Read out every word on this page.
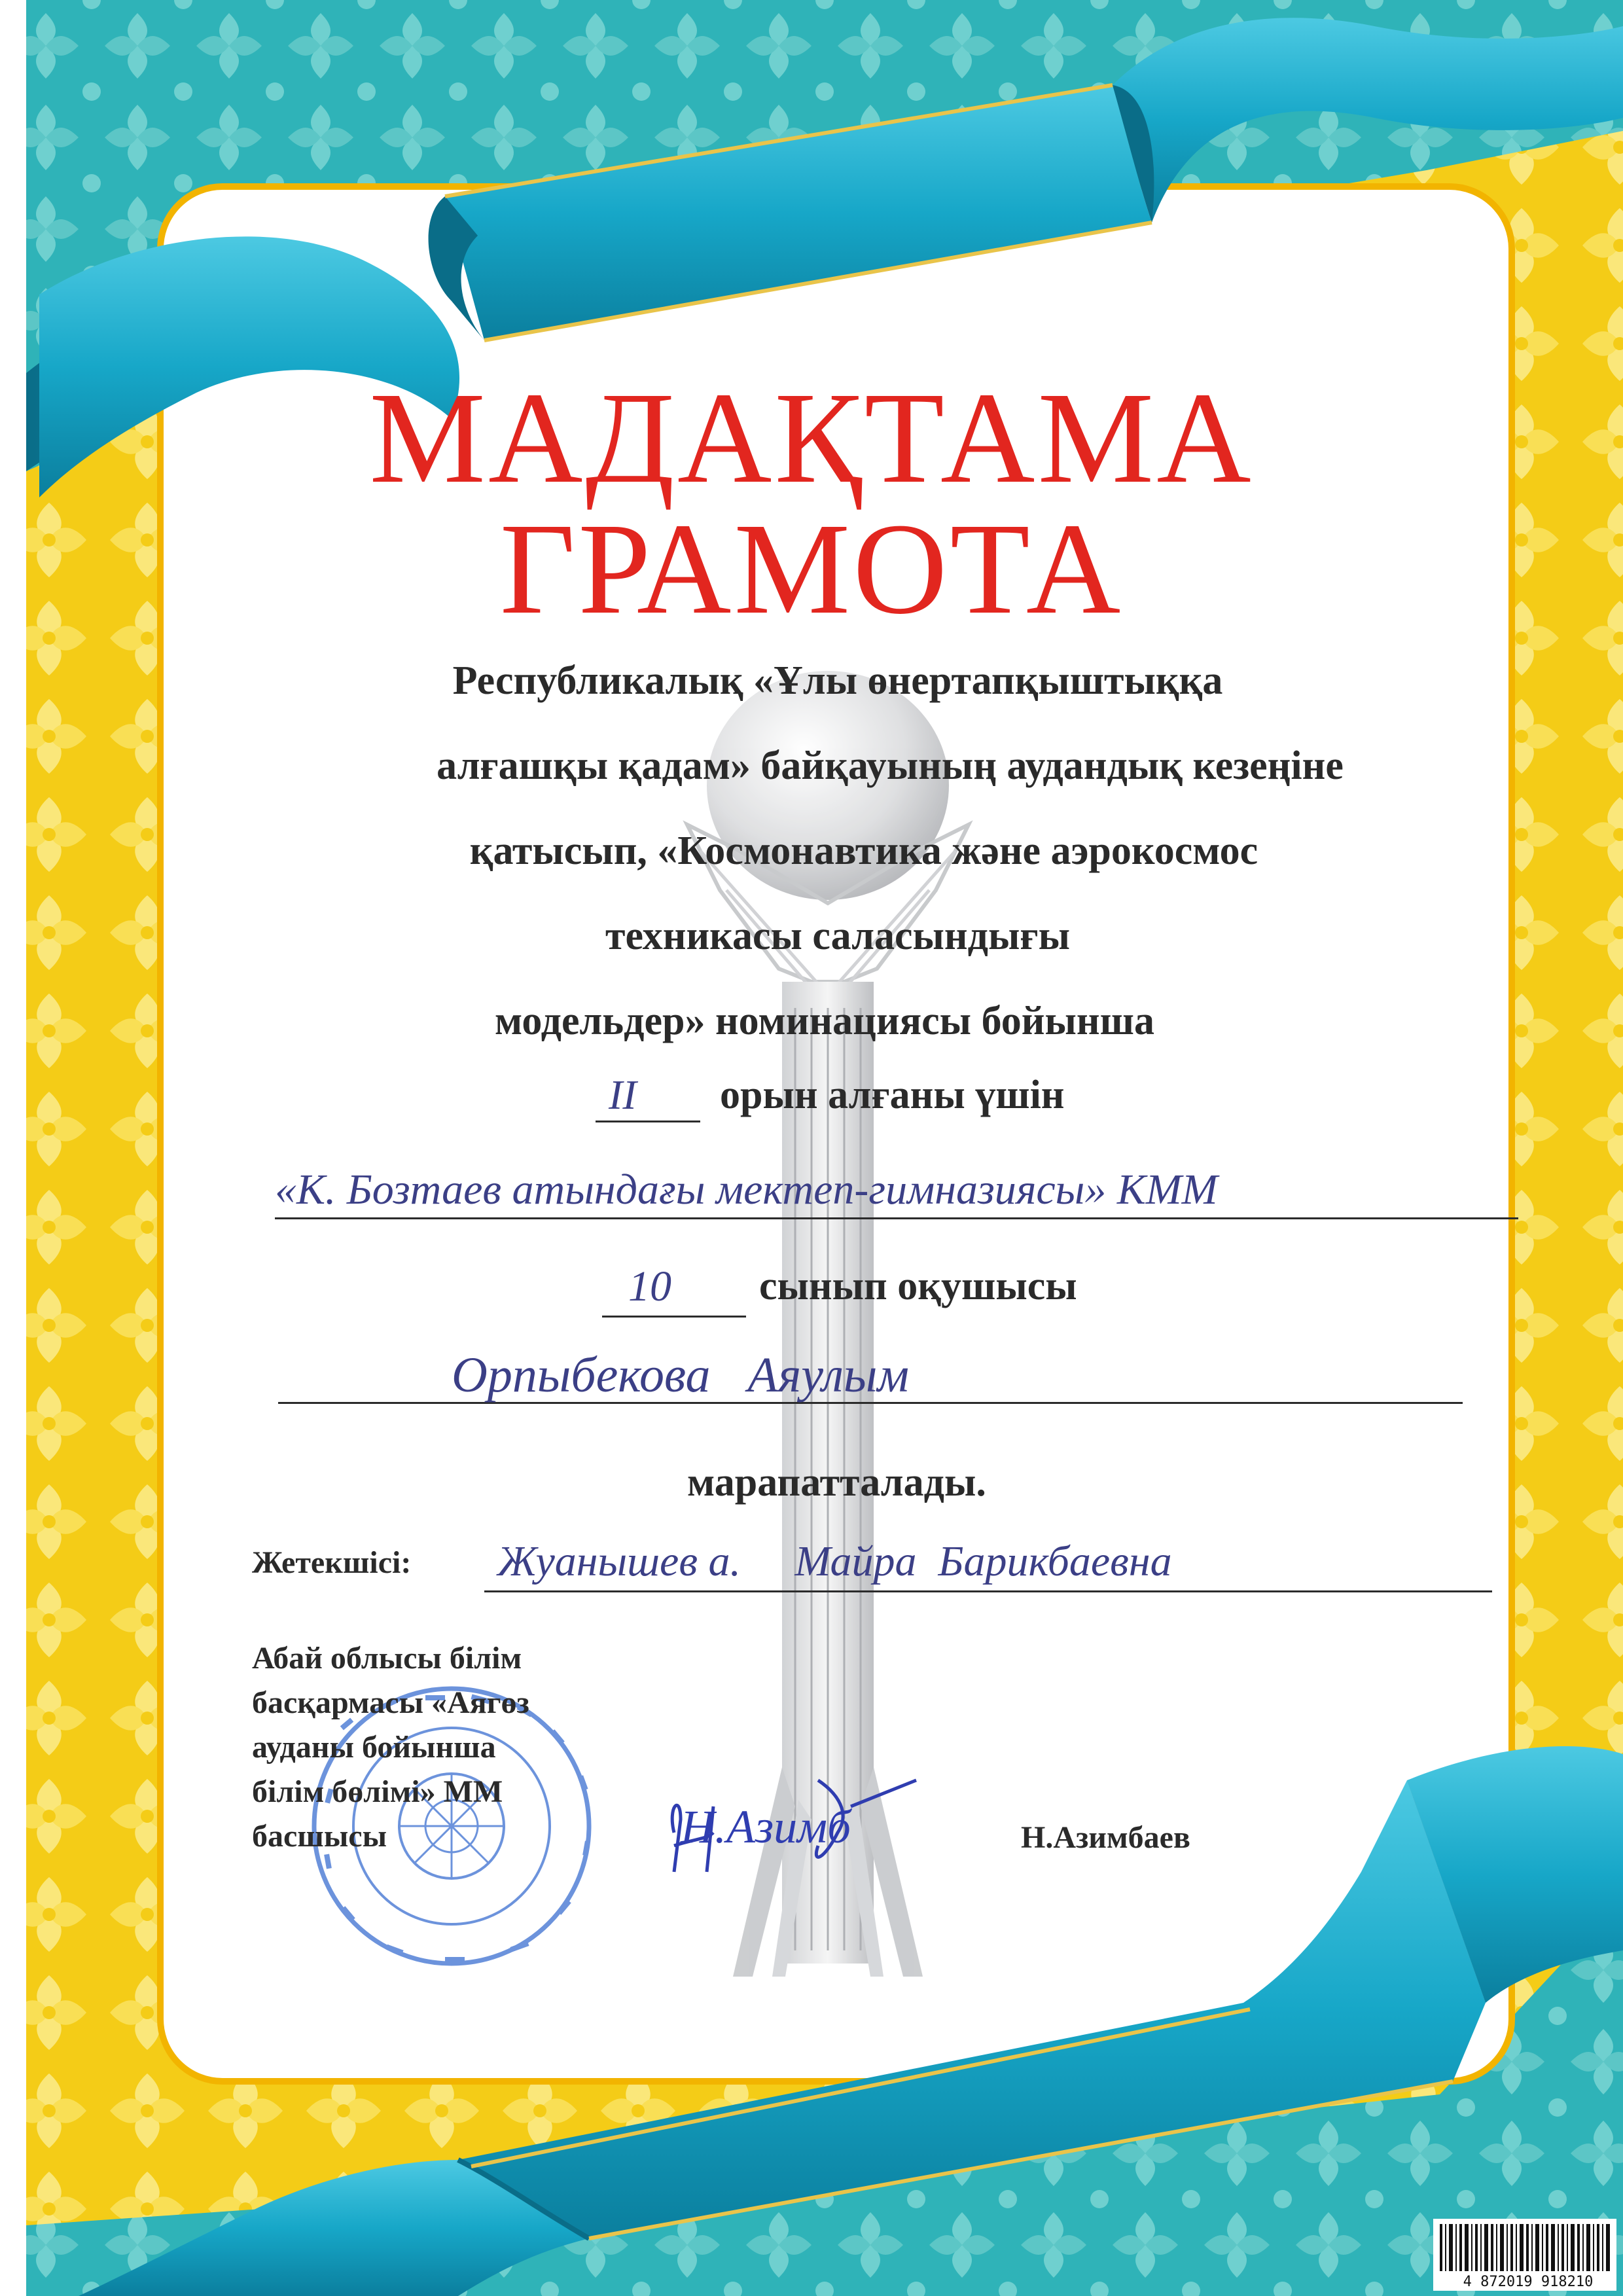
МАДАҚТАМА
ГРАМОТА
Республикалық «Ұлы өнертапқыштыққа
алғашқы қадам» байқауының аудандық кезеңіне
қатысып, «Космонавтика және аэрокосмос
техникасы саласындығы
модельдер» номинациясы бойынша
II орын алғаны үшін
«К. Бозтаев атындағы мектеп-гимназиясы» КММ
10 сынып оқушысы
Орпыбекова   Аяулым
марапатталады.
Жетекшісі: Жуанышев а.     Майра  Барикбаевна
Абай облысы білім
басқармасы «Аягөз
ауданы бойынша
білім бөлімі» ММ
басшысы	Н.Азимб	Н.Азимбаев
4 872019 918210
